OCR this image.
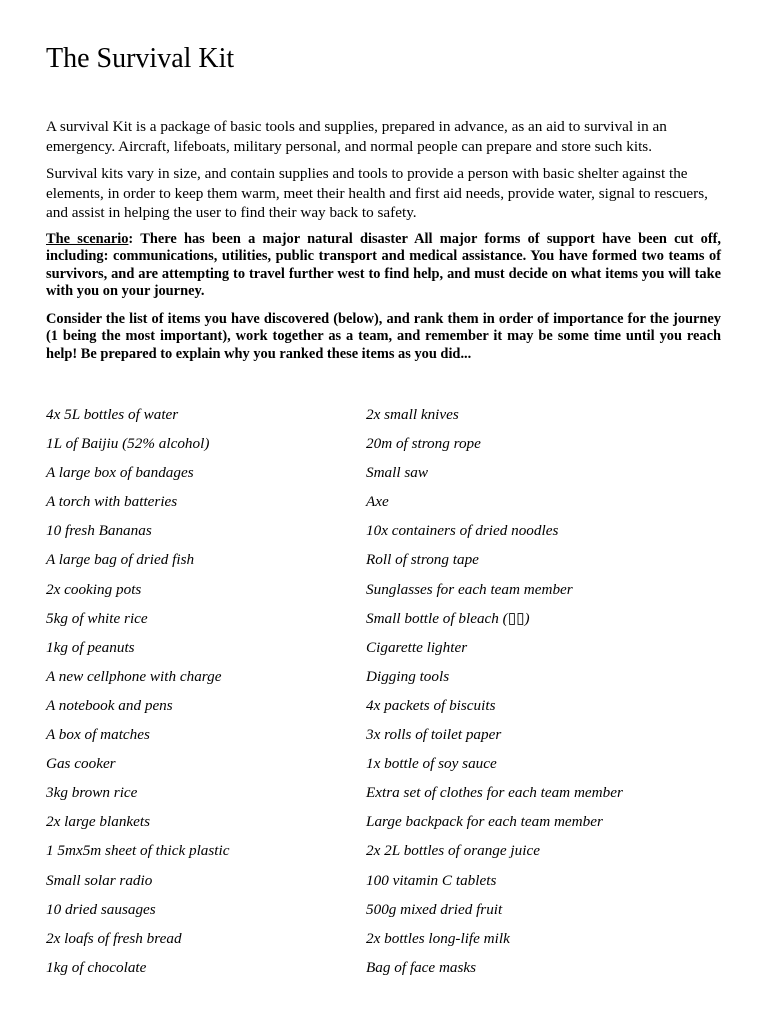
The Survival Kit

A survival Kit is a package of basic tools and supplies, prepared in advance, as an aid to survival in an emergency. Aircraft, lifeboats, military personal, and normal people can prepare and store such kits.

Survival kits vary in size, and contain supplies and tools to provide a person with basic shelter against the elements, in order to keep them warm, meet their health and first aid needs, provide water, signal to rescuers, and assist in helping the user to find their way back to safety.

The scenario: There has been a major natural disaster All major forms of support have been cut off, including: communications, utilities, public transport and medical assistance. You have formed two teams of survivors, and are attempting to travel further west to find help, and must decide on what items you will take with you on your journey.

Consider the list of items you have discovered (below), and rank them in order of importance for the journey (1 being the most important), work together as a team, and remember it may be some time until you reach help! Be prepared to explain why you ranked these items as you did...

4x 5L bottles of water
1L of Baijiu (52% alcohol)
A large box of bandages
A torch with batteries
10 fresh Bananas
A large bag of dried fish
2x cooking pots
5kg of white rice
1kg of peanuts
A new cellphone with charge
A notebook and pens
A box of matches
Gas cooker
3kg brown rice
2x large blankets
1 5mx5m sheet of thick plastic
Small solar radio
10 dried sausages
2x loafs of fresh bread
1kg of chocolate
2x small knives
20m of strong rope
Small saw
Axe
10x containers of dried noodles
Roll of strong tape
Sunglasses for each team member
Small bottle of bleach (▯▯)
Cigarette lighter
Digging tools
4x packets of biscuits
3x rolls of toilet paper
1x bottle of soy sauce
Extra set of clothes for each team member
Large backpack for each team member
2x 2L bottles of orange juice
100 vitamin C tablets
500g mixed dried fruit
2x bottles long-life milk
Bag of face masks
